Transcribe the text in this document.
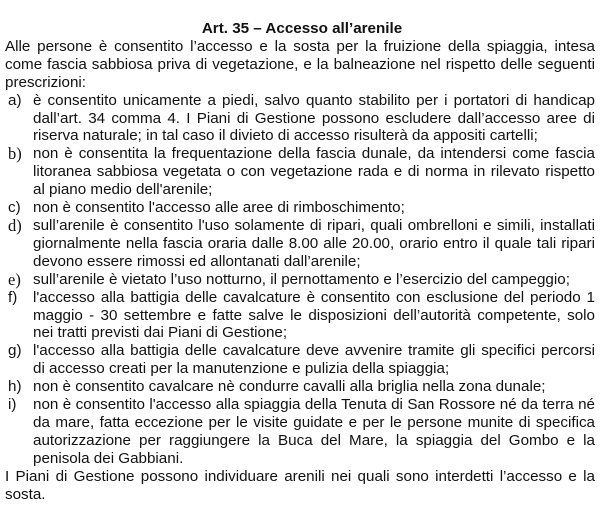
Art. 35 – Accesso all’arenile

Alle persone è consentito l’accesso e la sosta per la fruizione della spiaggia, intesa come fascia sabbiosa priva di vegetazione, e la balneazione nel rispetto delle seguenti prescrizioni:

a) è consentito unicamente a piedi, salvo quanto stabilito per i portatori di handicap dall’art. 34 comma 4. I Piani di Gestione possono escludere dall’accesso aree di riserva naturale; in tal caso il divieto di accesso risulterà da appositi cartelli;
b) non è consentita la frequentazione della fascia dunale, da intendersi come fascia litoranea sabbiosa vegetata o con vegetazione rada e di norma in rilevato rispetto al piano medio dell'arenile;
c) non è consentito l'accesso alle aree di rimboschimento;
d) sull’arenile è consentito l'uso solamente di ripari, quali ombrelloni e simili, installati giornalmente nella fascia oraria dalle 8.00 alle 20.00, orario entro il quale tali ripari devono essere rimossi ed allontanati dall’arenile;
e) sull’arenile è vietato l’uso notturno, il pernottamento e l’esercizio del campeggio;
f) l'accesso alla battigia delle cavalcature è consentito con esclusione del periodo 1 maggio - 30 settembre e fatte salve le disposizioni dell’autorità competente, solo nei tratti previsti dai Piani di Gestione;
g) l'accesso alla battigia delle cavalcature deve avvenire tramite gli specifici percorsi di accesso creati per la manutenzione e pulizia della spiaggia;
h) non è consentito cavalcare nè condurre cavalli alla briglia nella zona dunale;
i) non è consentito l'accesso alla spiaggia della Tenuta di San Rossore né da terra né da mare, fatta eccezione per le visite guidate e per le persone munite di specifica autorizzazione per raggiungere la Buca del Mare, la spiaggia del Gombo e la penisola dei Gabbiani.

I Piani di Gestione possono individuare arenili nei quali sono interdetti l’accesso e la sosta.
